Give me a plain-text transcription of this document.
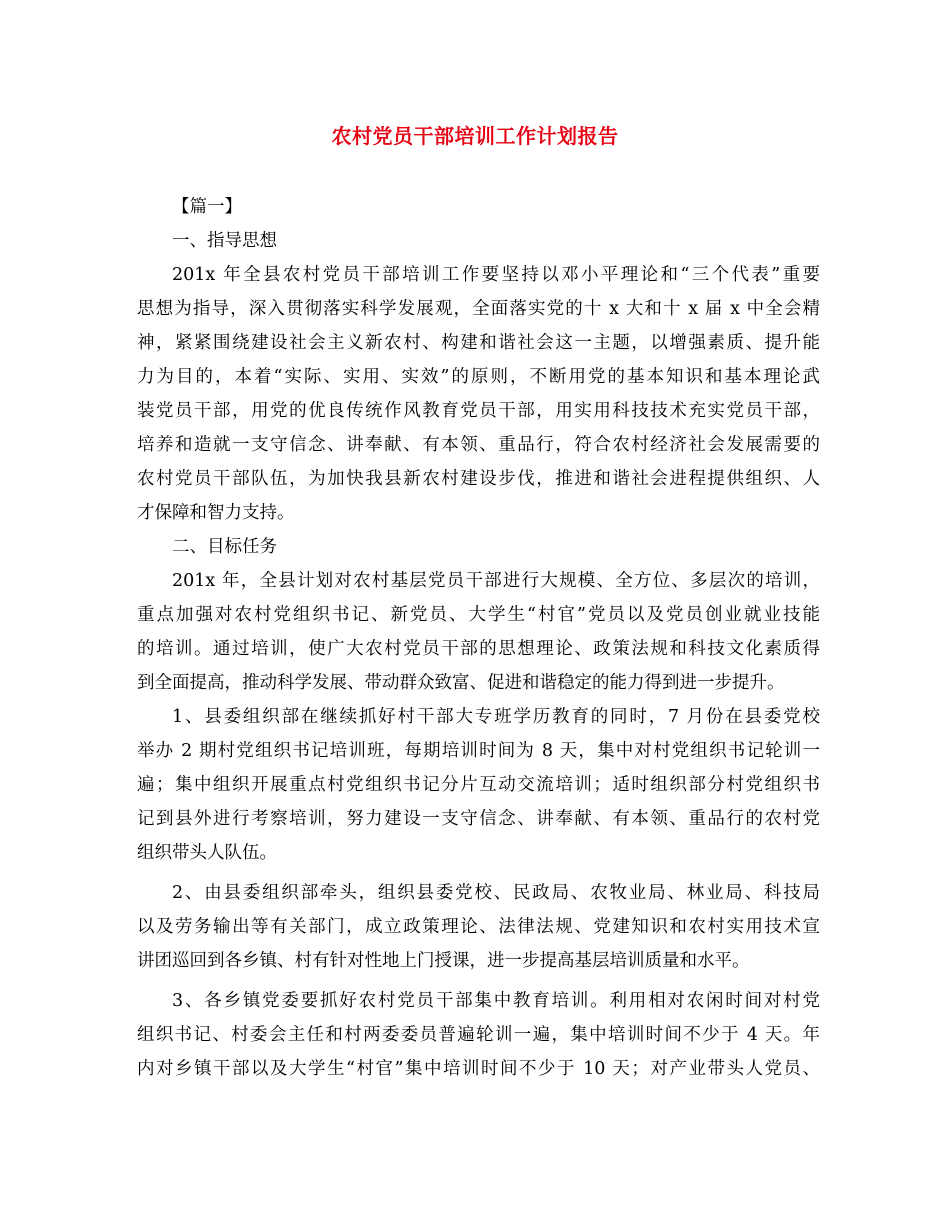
农村党员干部培训工作计划报告
【篇一】
一、指导思想
201x 年全县农村党员干部培训工作要坚持以邓小平理论和“三个代表”重要
思想为指导，深入贯彻落实科学发展观，全面落实党的十 x 大和十 x 届 x 中全会精
神，紧紧围绕建设社会主义新农村、构建和谐社会这一主题，以增强素质、提升能
力为目的，本着“实际、实用、实效”的原则，不断用党的基本知识和基本理论武
装党员干部，用党的优良传统作风教育党员干部，用实用科技技术充实党员干部，
培养和造就一支守信念、讲奉献、有本领、重品行，符合农村经济社会发展需要的
农村党员干部队伍，为加快我县新农村建设步伐，推进和谐社会进程提供组织、人
才保障和智力支持。
二、目标任务
201x 年，全县计划对农村基层党员干部进行大规模、全方位、多层次的培训，
重点加强对农村党组织书记、新党员、大学生“村官”党员以及党员创业就业技能
的培训。通过培训，使广大农村党员干部的思想理论、政策法规和科技文化素质得
到全面提高，推动科学发展、带动群众致富、促进和谐稳定的能力得到进一步提升。
1、县委组织部在继续抓好村干部大专班学历教育的同时，7 月份在县委党校
举办 2 期村党组织书记培训班，每期培训时间为 8 天，集中对村党组织书记轮训一
遍；集中组织开展重点村党组织书记分片互动交流培训；适时组织部分村党组织书
记到县外进行考察培训，努力建设一支守信念、讲奉献、有本领、重品行的农村党
组织带头人队伍。
2、由县委组织部牵头，组织县委党校、民政局、农牧业局、林业局、科技局
以及劳务输出等有关部门，成立政策理论、法律法规、党建知识和农村实用技术宣
讲团巡回到各乡镇、村有针对性地上门授课，进一步提高基层培训质量和水平。
3、各乡镇党委要抓好农村党员干部集中教育培训。利用相对农闲时间对村党
组织书记、村委会主任和村两委委员普遍轮训一遍，集中培训时间不少于 4 天。年
内对乡镇干部以及大学生“村官”集中培训时间不少于 10 天；对产业带头人党员、
